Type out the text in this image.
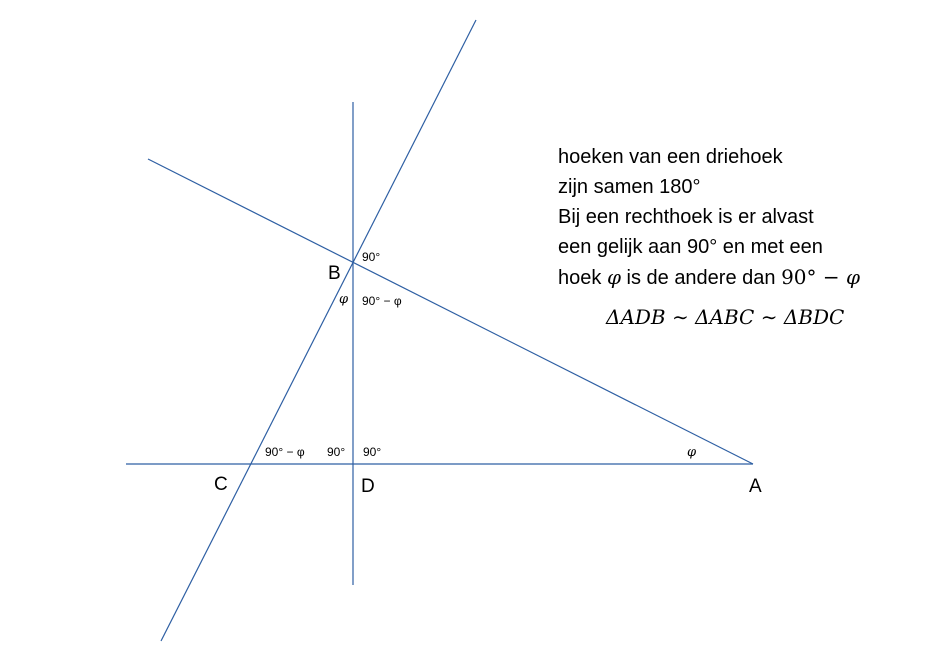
B
C	D	A
90°
φ 90° − φ
90° − φ 90° 90°	φ
hoeken van een driehoek
zijn samen 180°
Bij een rechthoek is er alvast
een gelijk aan 90° en met een
hoek φ is de andere dan 90° − φ
ΔADB ∼ ΔABC ∼ ΔBDC
